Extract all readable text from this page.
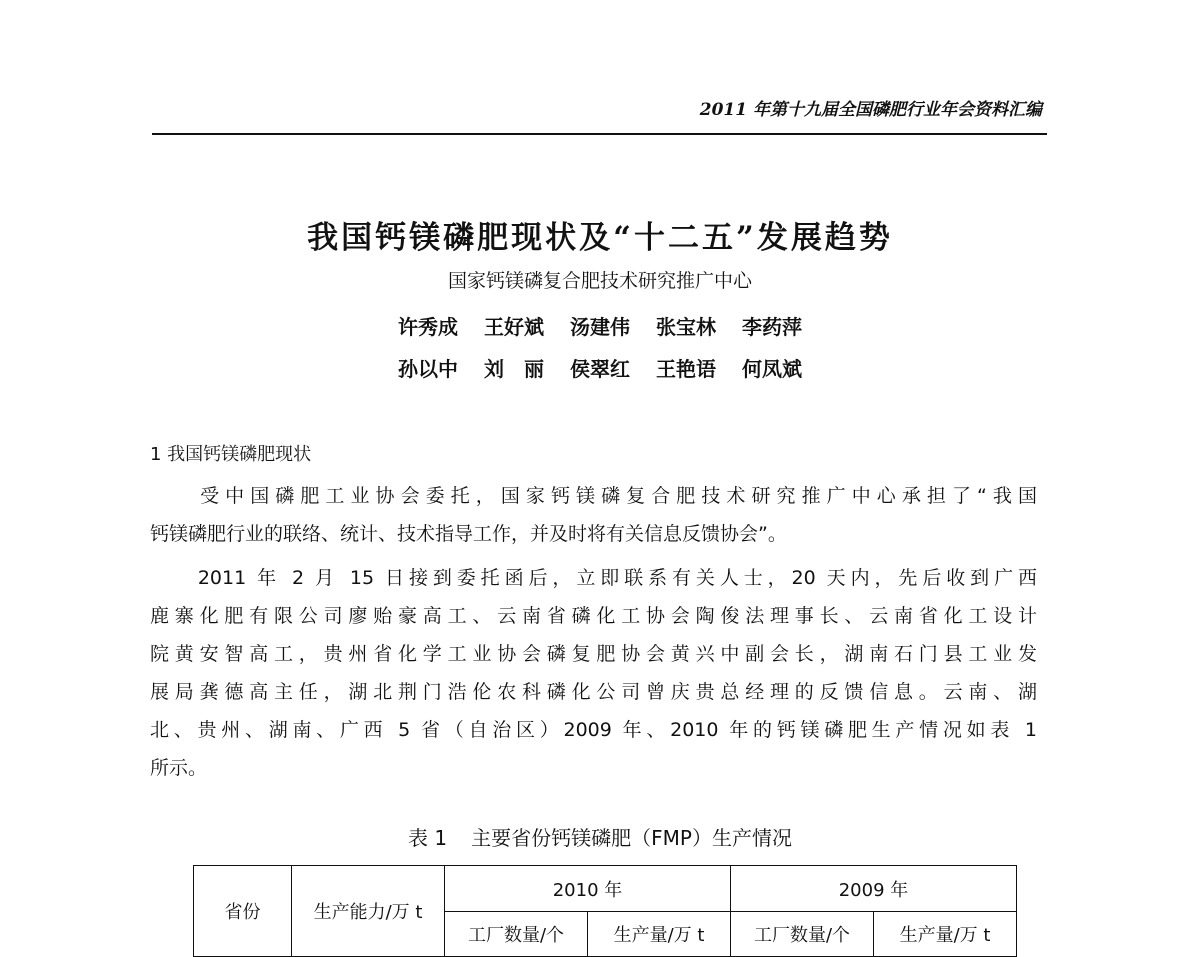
2011 年第十九届全国磷肥行业年会资料汇编
我国钙镁磷肥现状及“十二五”发展趋势
国家钙镁磷复合肥技术研究推广中心
许秀成 王好斌 汤建伟 张宝林 李药萍
孙以中 刘　丽 侯翠红 王艳语 何凤斌
1 我国钙镁磷肥现状
　　受中国磷肥工业协会委托，国家钙镁磷复合肥技术研究推广中心承担了“我国
钙镁磷肥行业的联络、统计、技术指导工作，并及时将有关信息反馈协会”。
　　2011 年 2 月 15 日接到委托函后，立即联系有关人士，20 天内，先后收到广西
鹿寨化肥有限公司廖贻豪高工、云南省磷化工协会陶俊法理事长、云南省化工设计
院黄安智高工，贵州省化学工业协会磷复肥协会黄兴中副会长，湖南石门县工业发
展局龚德高主任，湖北荆门浩伦农科磷化公司曾庆贵总经理的反馈信息。云南、湖
北、贵州、湖南、广西 5 省（自治区）2009 年、2010 年的钙镁磷肥生产情况如表 1
所示。
表 1 主要省份钙镁磷肥（FMP）生产情况
省份	生产能力/万 t	2010 年		2009 年	
		工厂数量/个	生产量/万 t	工厂数量/个	生产量/万 t
